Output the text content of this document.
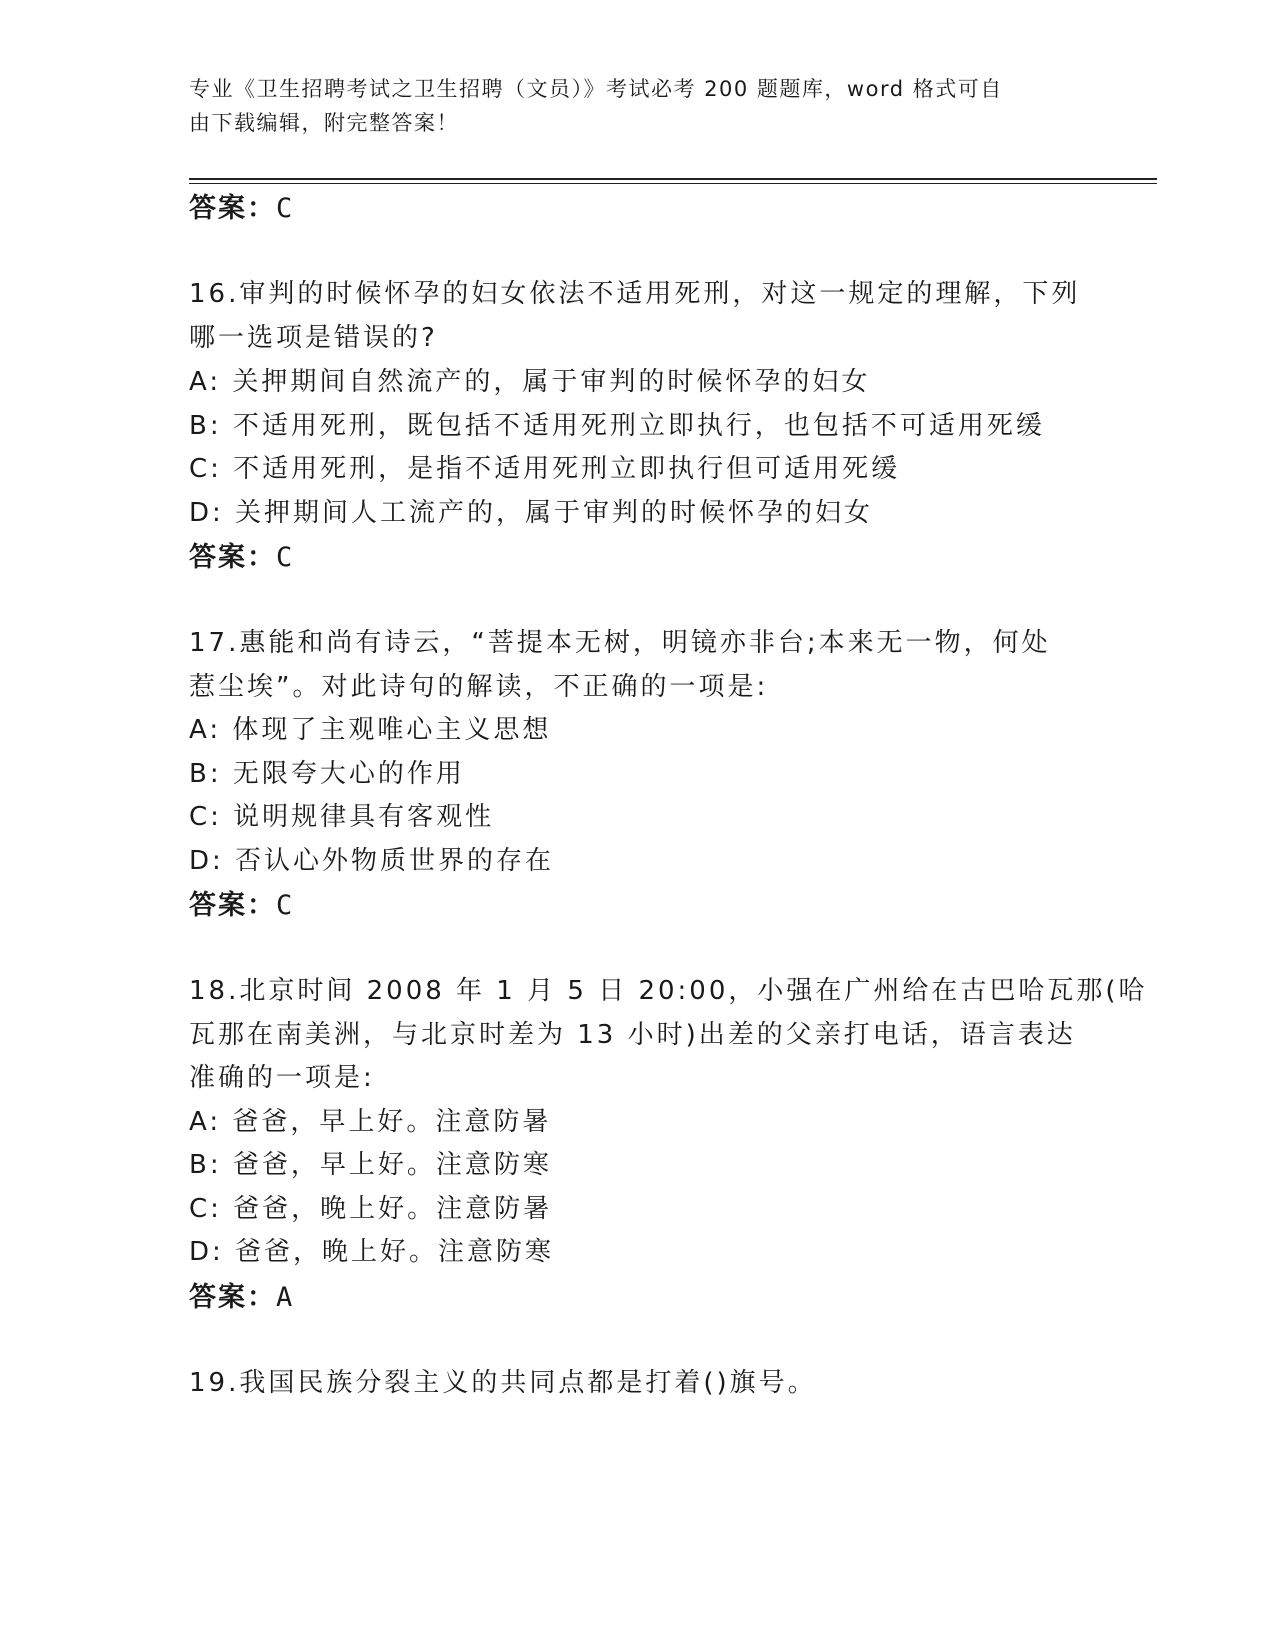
专业《卫生招聘考试之卫生招聘（文员）》考试必考 200 题题库，word 格式可自
由下载编辑，附完整答案！
答案：C
16.审判的时候怀孕的妇女依法不适用死刑，对这一规定的理解，下列
哪一选项是错误的?
A: 关押期间自然流产的，属于审判的时候怀孕的妇女
B: 不适用死刑，既包括不适用死刑立即执行，也包括不可适用死缓
C: 不适用死刑，是指不适用死刑立即执行但可适用死缓
D: 关押期间人工流产的，属于审判的时候怀孕的妇女
答案：C
17.惠能和尚有诗云，“菩提本无树，明镜亦非台;本来无一物，何处
惹尘埃”。对此诗句的解读，不正确的一项是:
A: 体现了主观唯心主义思想
B: 无限夸大心的作用
C: 说明规律具有客观性
D: 否认心外物质世界的存在
答案：C
18.北京时间 2008 年 1 月 5 日 20:00，小强在广州给在古巴哈瓦那(哈
瓦那在南美洲，与北京时差为 13 小时)出差的父亲打电话，语言表达
准确的一项是:
A: 爸爸，早上好。注意防暑
B: 爸爸，早上好。注意防寒
C: 爸爸，晚上好。注意防暑
D: 爸爸，晚上好。注意防寒
答案：A
19.我国民族分裂主义的共同点都是打着()旗号。
